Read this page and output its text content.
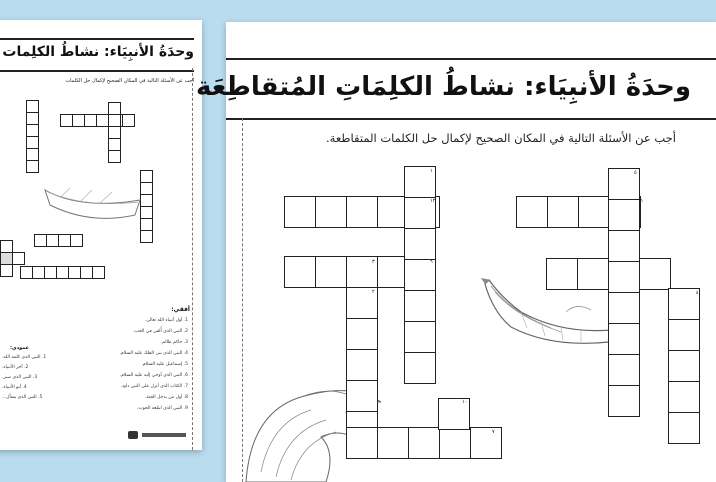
وحدَةُ الأنبِيَاء: نشاطُ الكلِمات
أجب عن الأسئلة التالية في المكان الصحيح لإكمال حل الكلمات
أفقي:
1. أول أنبياء الله تعالى.
2. النبي الذي أُلقي في الجب.
3. حاكم ظالم.
4. النبي الذي بنى الفلك عليه السلام.
5. إسماعيل عليه السلام.
6. النبي الذي أوحي إليه عليه السلام.
7. الكتاب الذي أنزل على النبي داود.
8. أول من يدخل الجنة.
9. النبي الذي ابتلعه الحوت.
عمودي:
1. النبي الذي كلمه الله.
2. آخر الأنبياء.
3. النبي الذي صبر.
4. أبو الأنبياء.
5. النبي الذي يسأل...
وحدَةُ الأنبِيَاء: نشاطُ الكلِمَاتِ المُتقاطِعَة
أجب عن الأسئلة التالية في المكان الصحيح لإكمال حل الكلمات المتقاطعة.
١
١٢
٦
٣
٥
١١
٤
١٠
٧
٢
